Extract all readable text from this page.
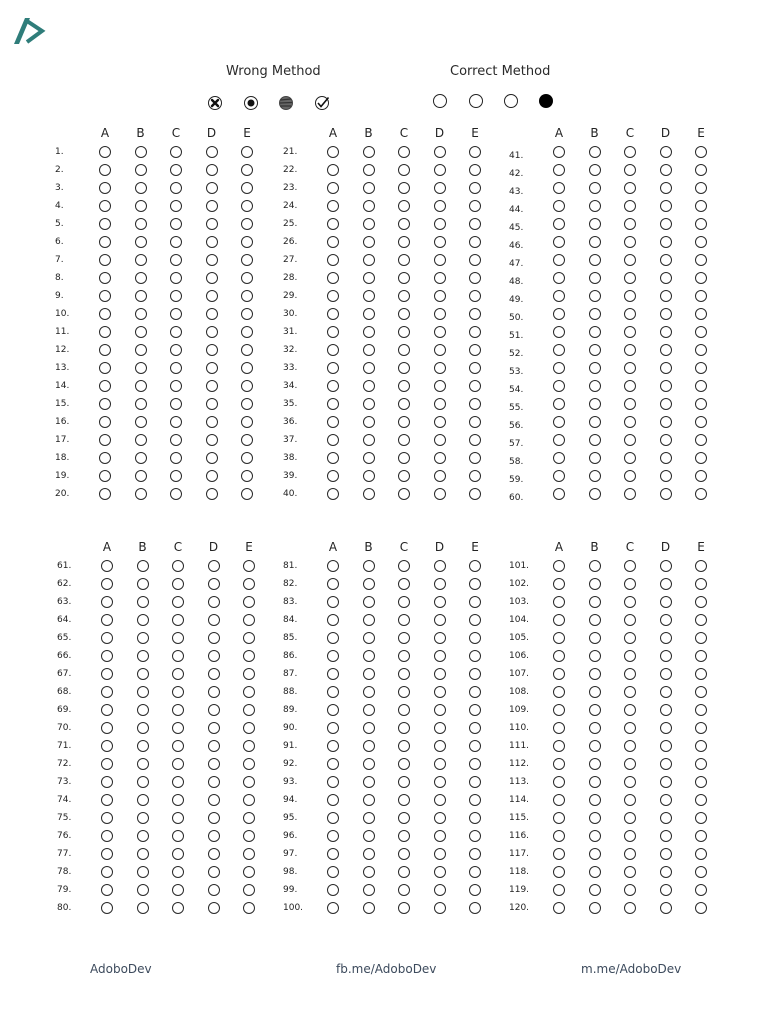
Wrong Method	Correct Method
A	B	C	D	E
1.
2.
3.
4.
5.
6.
7.
8.
9.
10.
11.
12.
13.
14.
15.
16.
17.
18.
19.
20.
A	B	C	D	E
21.
22.
23.
24.
25.
26.
27.
28.
29.
30.
31.
32.
33.
34.
35.
36.
37.
38.
39.
40.
A	B	C	D	E
41.
42.
43.
44.
45.
46.
47.
48.
49.
50.
51.
52.
53.
54.
55.
56.
57.
58.
59.
60.
A	B	C	D	E
61.
62.
63.
64.
65.
66.
67.
68.
69.
70.
71.
72.
73.
74.
75.
76.
77.
78.
79.
80.
A	B	C	D	E
81.
82.
83.
84.
85.
86.
87.
88.
89.
90.
91.
92.
93.
94.
95.
96.
97.
98.
99.
100.
A	B	C	D	E
101.
102.
103.
104.
105.
106.
107.
108.
109.
110.
111.
112.
113.
114.
115.
116.
117.
118.
119.
120.
AdoboDev	fb.me/AdoboDev	m.me/AdoboDev
